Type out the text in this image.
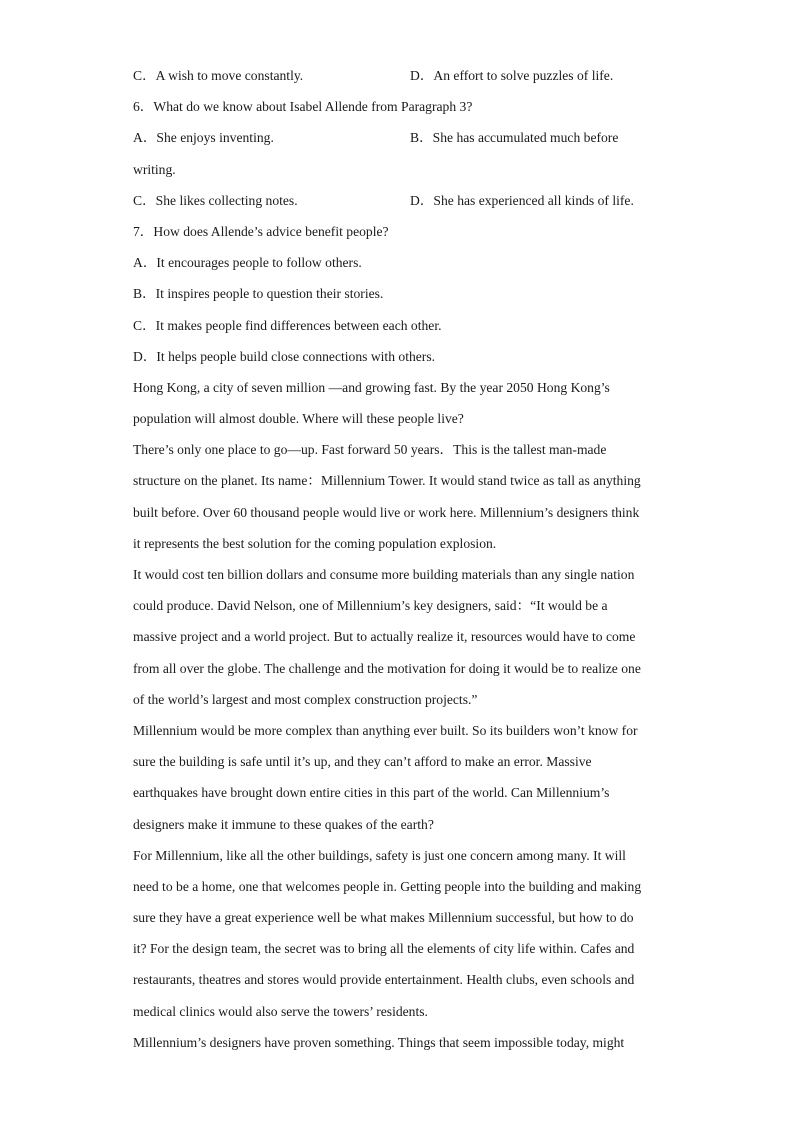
C．A wish to move constantly.	D．An effort to solve puzzles of life.
6．What do we know about Isabel Allende from Paragraph 3?
A．She enjoys inventing.	B．She has accumulated much before
writing.
C．She likes collecting notes.	D．She has experienced all kinds of life.
7．How does Allende’s advice benefit people?
A．It encourages people to follow others.
B．It inspires people to question their stories.
C．It makes people find differences between each other.
D．It helps people build close connections with others.
Hong Kong, a city of seven million —and growing fast. By the year 2050 Hong Kong’s
population will almost double. Where will these people live?
There’s only one place to go—up. Fast forward 50 years．This is the tallest man-made
structure on the planet. Its name：Millennium Tower. It would stand twice as tall as anything
built before. Over 60 thousand people would live or work here. Millennium’s designers think
it represents the best solution for the coming population explosion.
It would cost ten billion dollars and consume more building materials than any single nation
could produce. David Nelson, one of Millennium’s key designers, said：“It would be a
massive project and a world project. But to actually realize it, resources would have to come
from all over the globe. The challenge and the motivation for doing it would be to realize one
of the world’s largest and most complex construction projects.”
Millennium would be more complex than anything ever built. So its builders won’t know for
sure the building is safe until it’s up, and they can’t afford to make an error. Massive
earthquakes have brought down entire cities in this part of the world. Can Millennium’s
designers make it immune to these quakes of the earth?
For Millennium, like all the other buildings, safety is just one concern among many. It will
need to be a home, one that welcomes people in. Getting people into the building and making
sure they have a great experience well be what makes Millennium successful, but how to do
it? For the design team, the secret was to bring all the elements of city life within. Cafes and
restaurants, theatres and stores would provide entertainment. Health clubs, even schools and
medical clinics would also serve the towers’ residents.
Millennium’s designers have proven something. Things that seem impossible today, might
